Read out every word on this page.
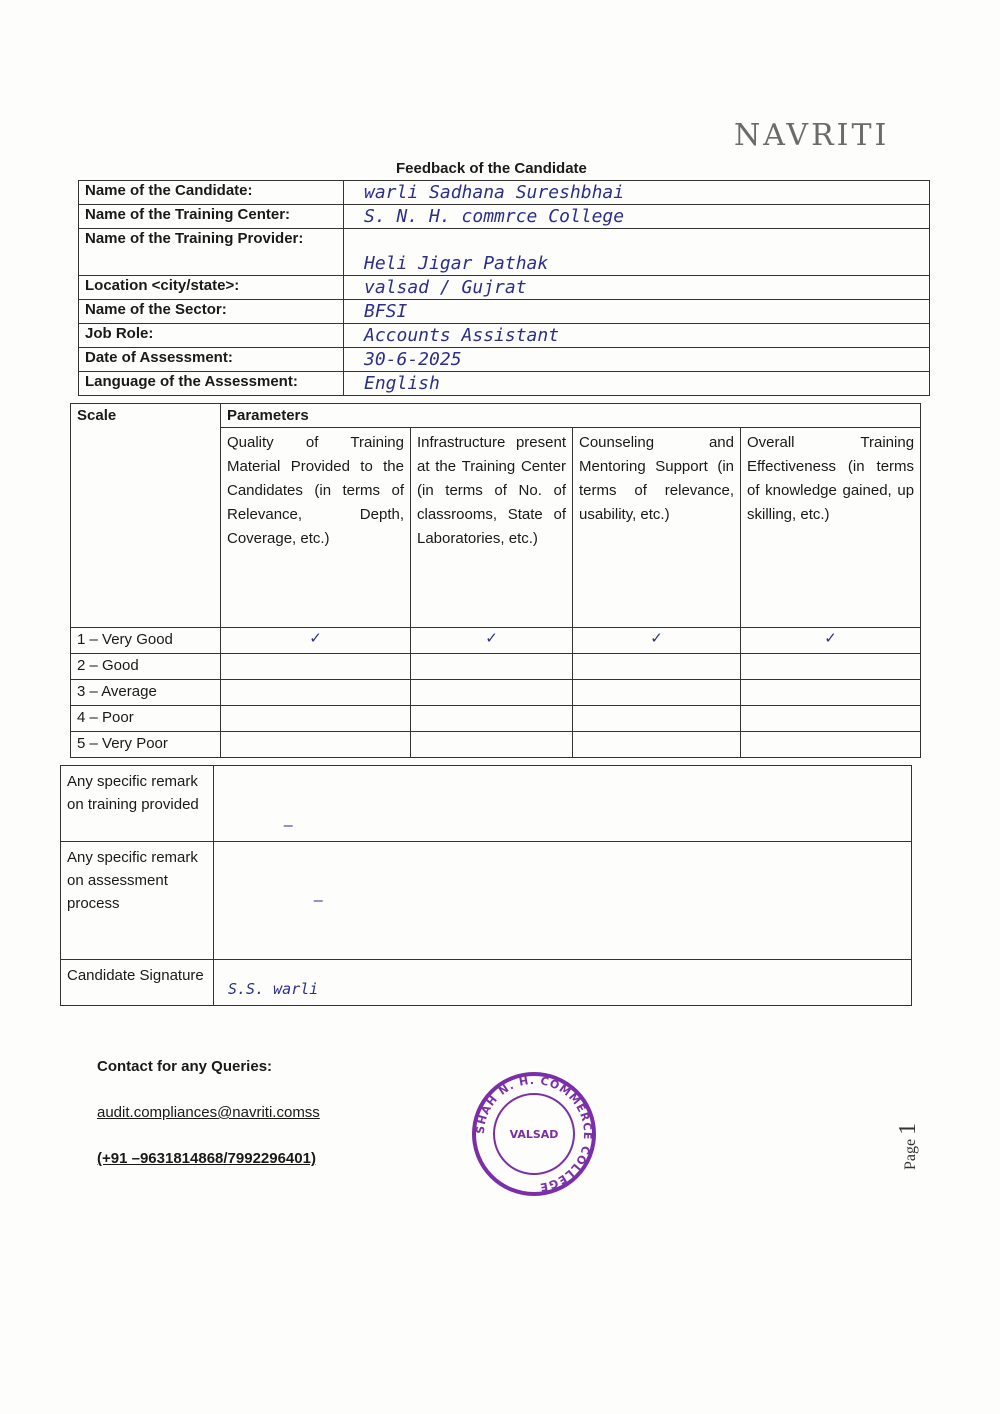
NAVRITI
Feedback of the Candidate
Name of the Candidate:	warli Sadhana Sureshbhai
Name of the Training Center:	S. N. H. commrce College
Name of the Training Provider:	Heli Jigar Pathak
Location <city/state>:	valsad / Gujrat
Name of the Sector:	BFSI
Job Role:	Accounts Assistant
Date of Assessment:	30-6-2025
Language of the Assessment:	English
Scale	Parameters			
	Quality of Training Material Provided to the Candidates (in terms of Relevance, Depth, Coverage, etc.)	Infrastructure present at the Training Center (in terms of No. of classrooms, State of Laboratories, etc.)	Counseling and Mentoring Support (in terms of relevance, usability, etc.)	Overall Training Effectiveness (in terms of knowledge gained, up skilling, etc.)
1 – Very Good	✓	✓	✓	✓
2 – Good				
3 – Average				
4 – Poor				
5 – Very Poor				
Any specific remark on training provided	–
Any specific remark on assessment process	–
Candidate Signature	S.S. warli
Contact for any Queries:
audit.compliances@navriti.comss
(+91 –9631814868/7992296401)
SHAH N. H. COMMERCE COLLEGE
VALSAD
Page 1
